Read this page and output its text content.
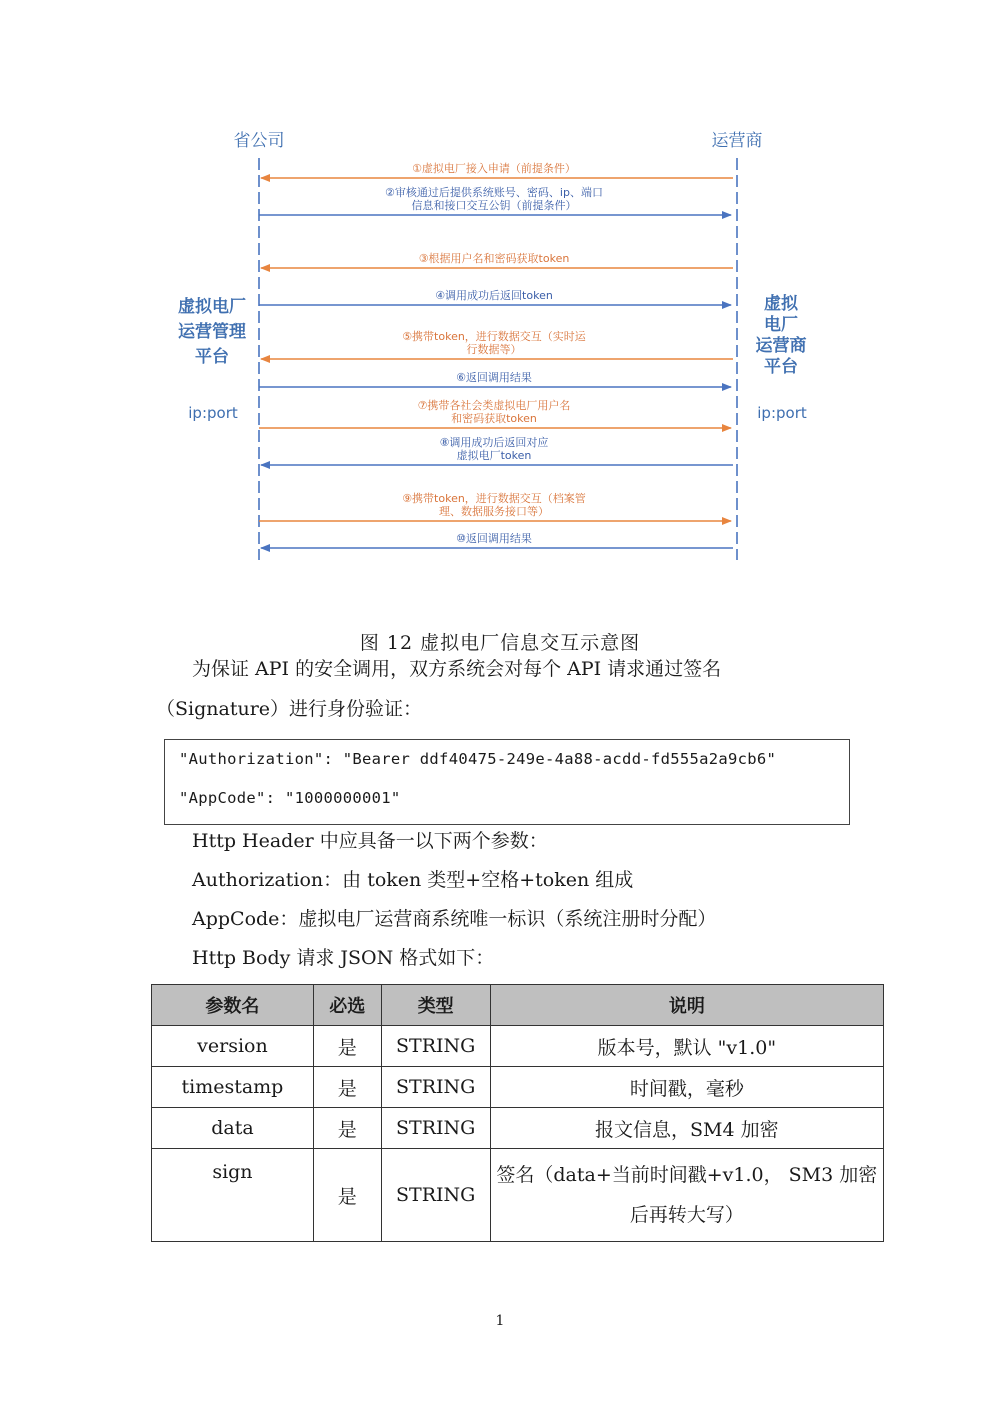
省公司	运营商
虚拟电厂
运营管理
平台
ip:port
虚拟
电厂
运营商
平台
ip:port
①虚拟电厂接入申请（前提条件）
②审核通过后提供系统账号、密码、ip、端口
信息和接口交互公钥（前提条件）
③根据用户名和密码获取token
④调用成功后返回token
⑤携带token，进行数据交互（实时运
行数据等）
⑥返回调用结果
⑦携带各社会类虚拟电厂用户名
和密码获取token
⑧调用成功后返回对应
虚拟电厂token
⑨携带token，进行数据交互（档案管
理、数据服务接口等）
⑩返回调用结果
图 12 虚拟电厂信息交互示意图
为保证 API 的安全调用，双方系统会对每个 API 请求通过签名
（Signature）进行身份验证：
"Authorization": "Bearer ddf40475-249e-4a88-acdd-fd555a2a9cb6"
"AppCode": "1000000001"
Http Header 中应具备一以下两个参数：
Authorization：由 token 类型+空格+token 组成
AppCode：虚拟电厂运营商系统唯一标识（系统注册时分配）
Http Body 请求 JSON 格式如下：
参数名	必选	类型	说明
version	是	STRING	版本号，默认 "v1.0"
timestamp	是	STRING	时间戳，毫秒
data	是	STRING	报文信息，SM4 加密
sign	是	STRING	签名（data+当前时间戳+v1.0， SM3 加密
后再转大写）
1
